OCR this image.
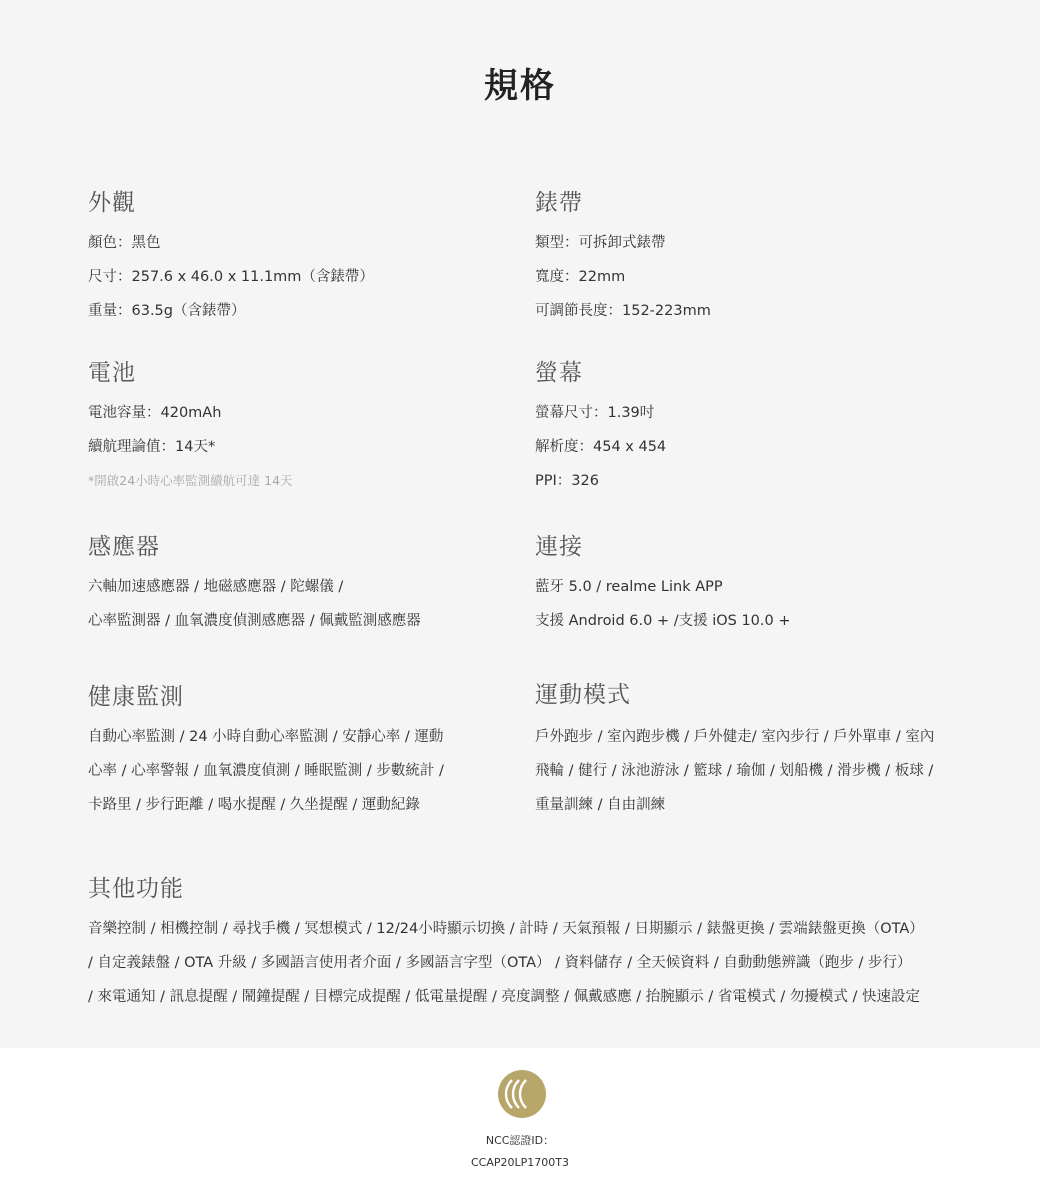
規格
外觀
顏色：黑色
尺寸：257.6 x 46.0 x 11.1mm（含錶帶）
重量：63.5g（含錶帶）
錶帶
類型：可拆卸式錶帶
寬度：22mm
可調節長度：152-223mm
電池
電池容量：420mAh
續航理論值：14天*
*開啟24小時心率監測續航可達 14天
螢幕
螢幕尺寸：1.39吋
解析度：454 x 454
PPI：326
感應器
六軸加速感應器 / 地磁感應器 / 陀螺儀 /
心率監測器 / 血氧濃度偵測感應器 / 佩戴監測感應器
連接
藍牙 5.0 / realme Link APP
支援 Android 6.0 + /支援 iOS 10.0 +
健康監測
自動心率監測 / 24 小時自動心率監測 / 安靜心率 / 運動
心率 / 心率警報 / 血氧濃度偵測 / 睡眠監測 / 步數統計 /
卡路里 / 步行距離 / 喝水提醒 / 久坐提醒 / 運動紀錄
運動模式
戶外跑步 / 室內跑步機 / 戶外健走/ 室內步行 / 戶外單車 / 室內
飛輪 / 健行 / 泳池游泳 / 籃球 / 瑜伽 / 划船機 / 滑步機 / 板球 /
重量訓練 / 自由訓練
其他功能
音樂控制 / 相機控制 / 尋找手機 / 冥想模式 / 12/24小時顯示切換 / 計時 / 天氣預報 / 日期顯示 / 錶盤更換 / 雲端錶盤更換（OTA）
/ 自定義錶盤 / OTA 升級 / 多國語言使用者介面 / 多國語言字型（OTA） / 資料儲存 / 全天候資料 / 自動動態辨識（跑步 / 步行）
/ 來電通知 / 訊息提醒 / 鬧鐘提醒 / 目標完成提醒 / 低電量提醒 / 亮度調整 / 佩戴感應 / 抬腕顯示 / 省電模式 / 勿擾模式 / 快速設定
NCC認證ID：
CCAP20LP1700T3
